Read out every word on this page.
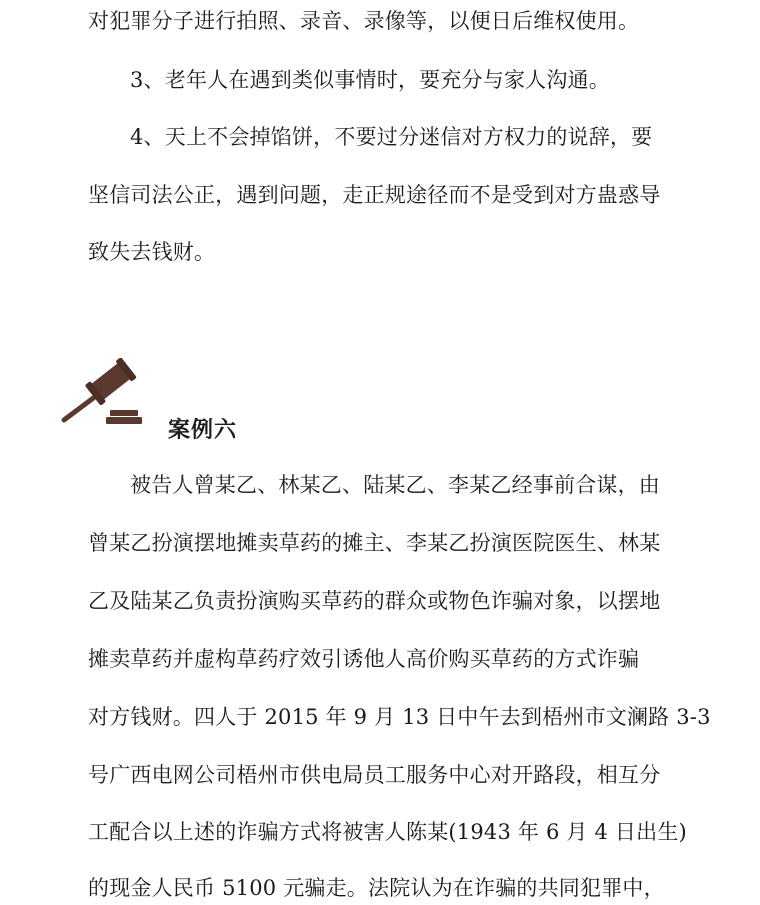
对犯罪分子进行拍照、录音、录像等，以便日后维权使用。
3、老年人在遇到类似事情时，要充分与家人沟通。
4、天上不会掉馅饼，不要过分迷信对方权力的说辞，要
坚信司法公正，遇到问题，走正规途径而不是受到对方蛊惑导
致失去钱财。
案例六
被告人曾某乙、林某乙、陆某乙、李某乙经事前合谋，由
曾某乙扮演摆地摊卖草药的摊主、李某乙扮演医院医生、林某
乙及陆某乙负责扮演购买草药的群众或物色诈骗对象，以摆地
摊卖草药并虚构草药疗效引诱他人高价购买草药的方式诈骗
对方钱财。四人于 2015 年 9 月 13 日中午去到梧州市文澜路 3-3
号广西电网公司梧州市供电局员工服务中心对开路段，相互分
工配合以上述的诈骗方式将被害人陈某(1943 年 6 月 4 日出生)
的现金人民币 5100 元骗走。法院认为在诈骗的共同犯罪中，
